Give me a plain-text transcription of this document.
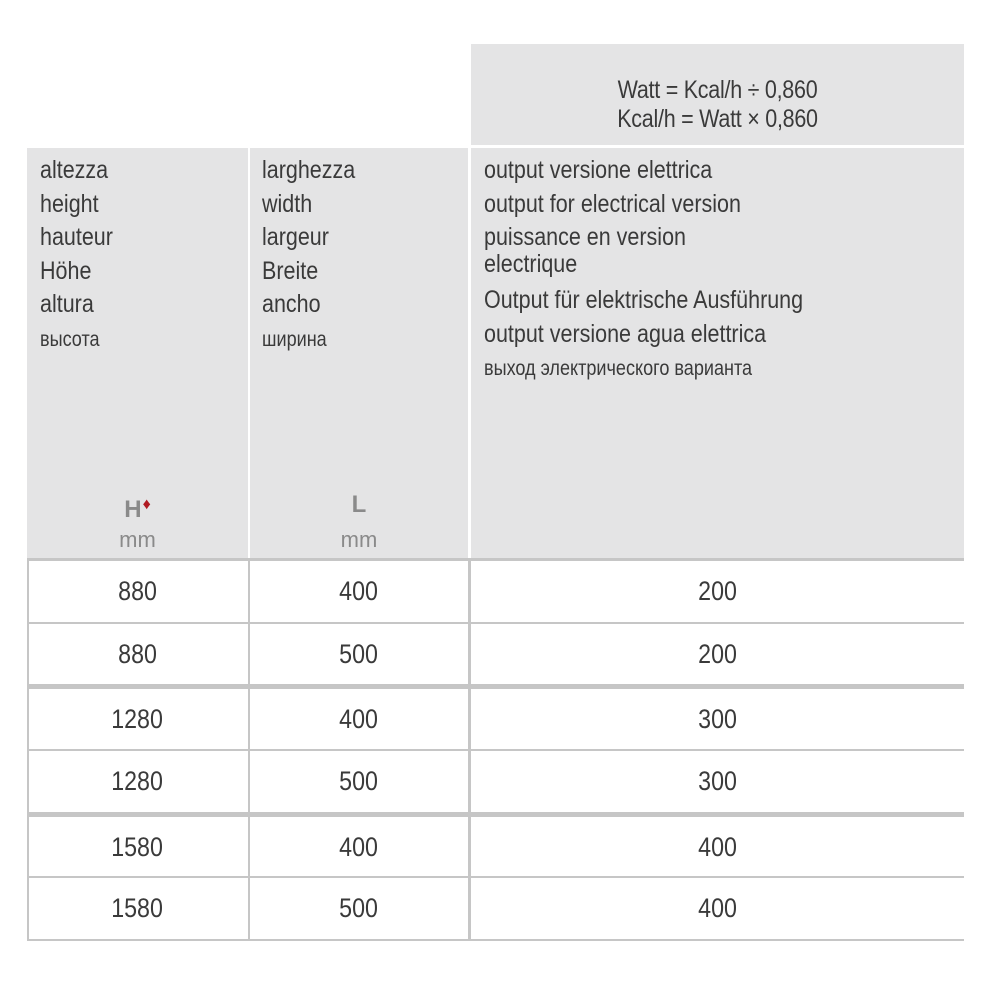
Watt = Kcal/h ÷ 0,860
Kcal/h = Watt × 0,860
altezza
height
hauteur
Höhe
altura
высота
H♦
mm
larghezza
width
largeur
Breite
ancho
ширина
L
mm
output versione elettrica
output for electrical version
puissance en version
electrique
Output für elektrische Ausführung
output versione agua elettrica
выход электрического варианта
880	400	200
880	500	200
1280	400	300
1280	500	300
1580	400	400
1580	500	400
